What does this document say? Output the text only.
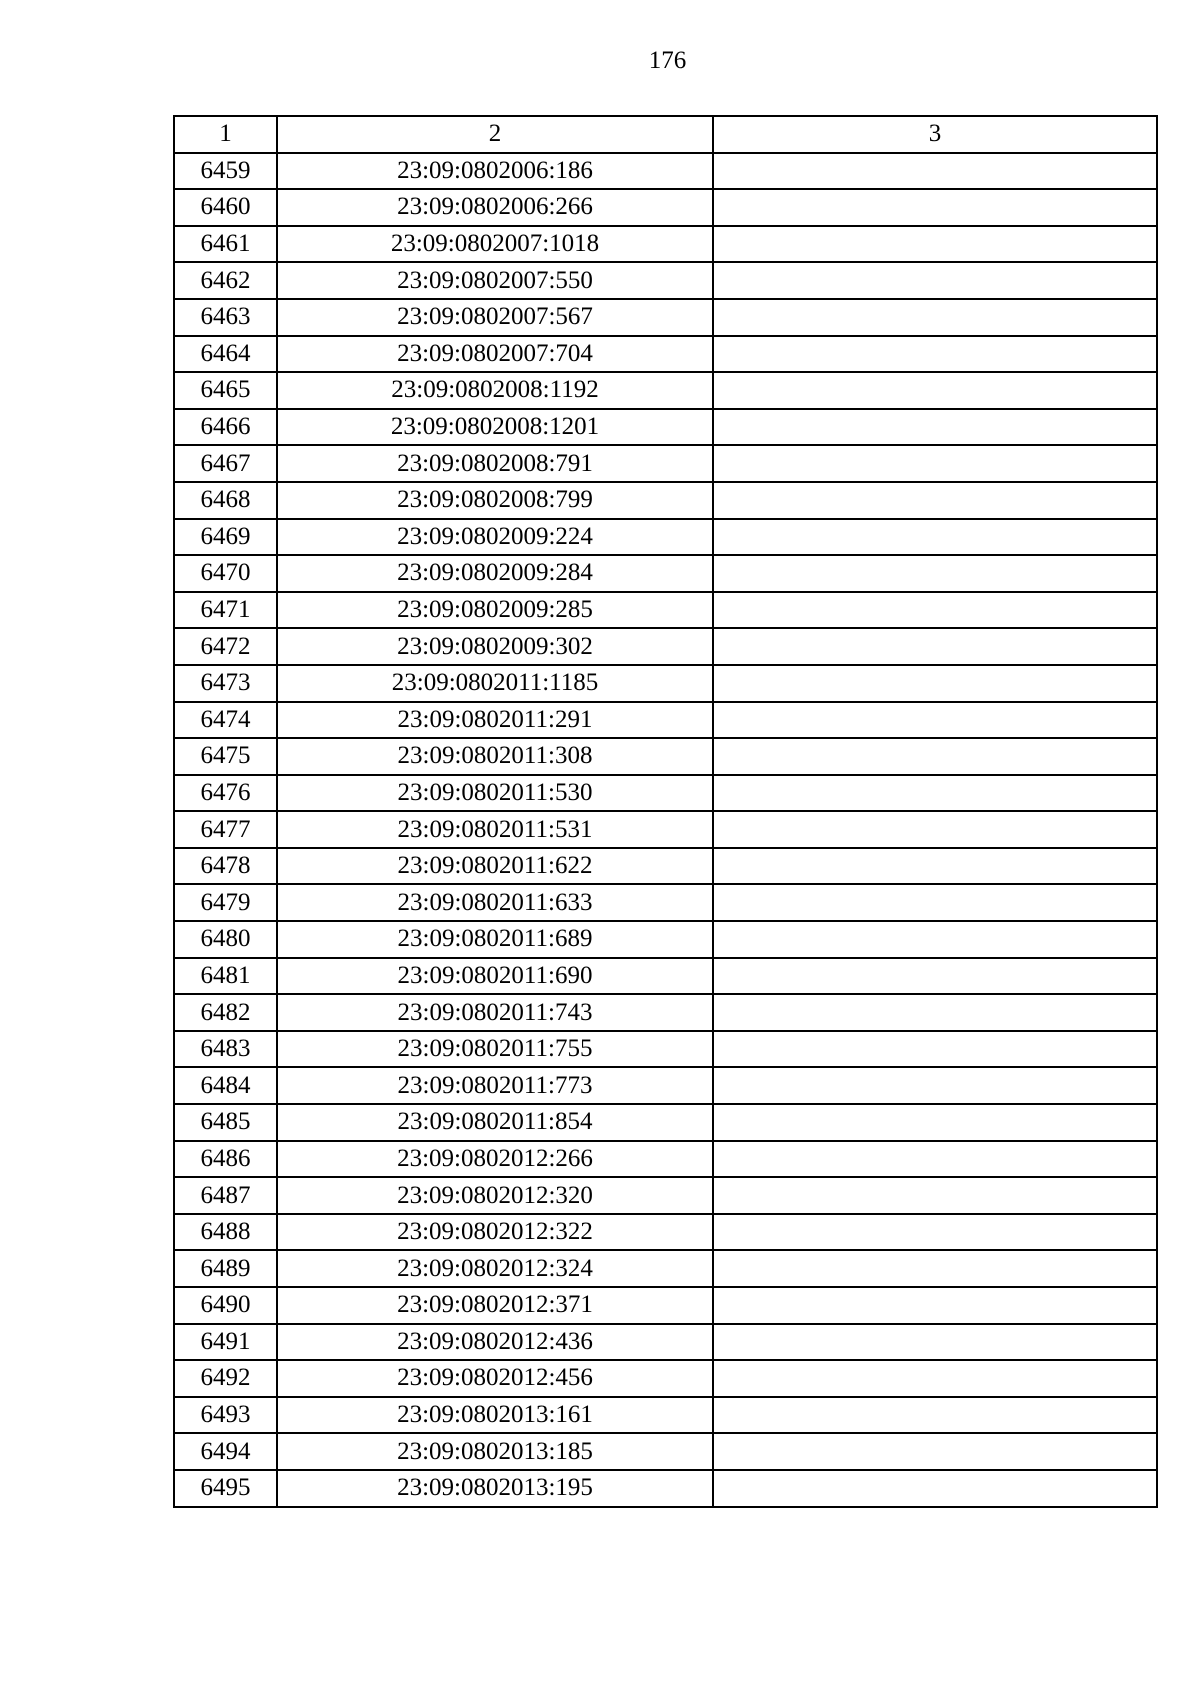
176
1	2	3
6459	23:09:0802006:186	
6460	23:09:0802006:266	
6461	23:09:0802007:1018	
6462	23:09:0802007:550	
6463	23:09:0802007:567	
6464	23:09:0802007:704	
6465	23:09:0802008:1192	
6466	23:09:0802008:1201	
6467	23:09:0802008:791	
6468	23:09:0802008:799	
6469	23:09:0802009:224	
6470	23:09:0802009:284	
6471	23:09:0802009:285	
6472	23:09:0802009:302	
6473	23:09:0802011:1185	
6474	23:09:0802011:291	
6475	23:09:0802011:308	
6476	23:09:0802011:530	
6477	23:09:0802011:531	
6478	23:09:0802011:622	
6479	23:09:0802011:633	
6480	23:09:0802011:689	
6481	23:09:0802011:690	
6482	23:09:0802011:743	
6483	23:09:0802011:755	
6484	23:09:0802011:773	
6485	23:09:0802011:854	
6486	23:09:0802012:266	
6487	23:09:0802012:320	
6488	23:09:0802012:322	
6489	23:09:0802012:324	
6490	23:09:0802012:371	
6491	23:09:0802012:436	
6492	23:09:0802012:456	
6493	23:09:0802013:161	
6494	23:09:0802013:185	
6495	23:09:0802013:195	
